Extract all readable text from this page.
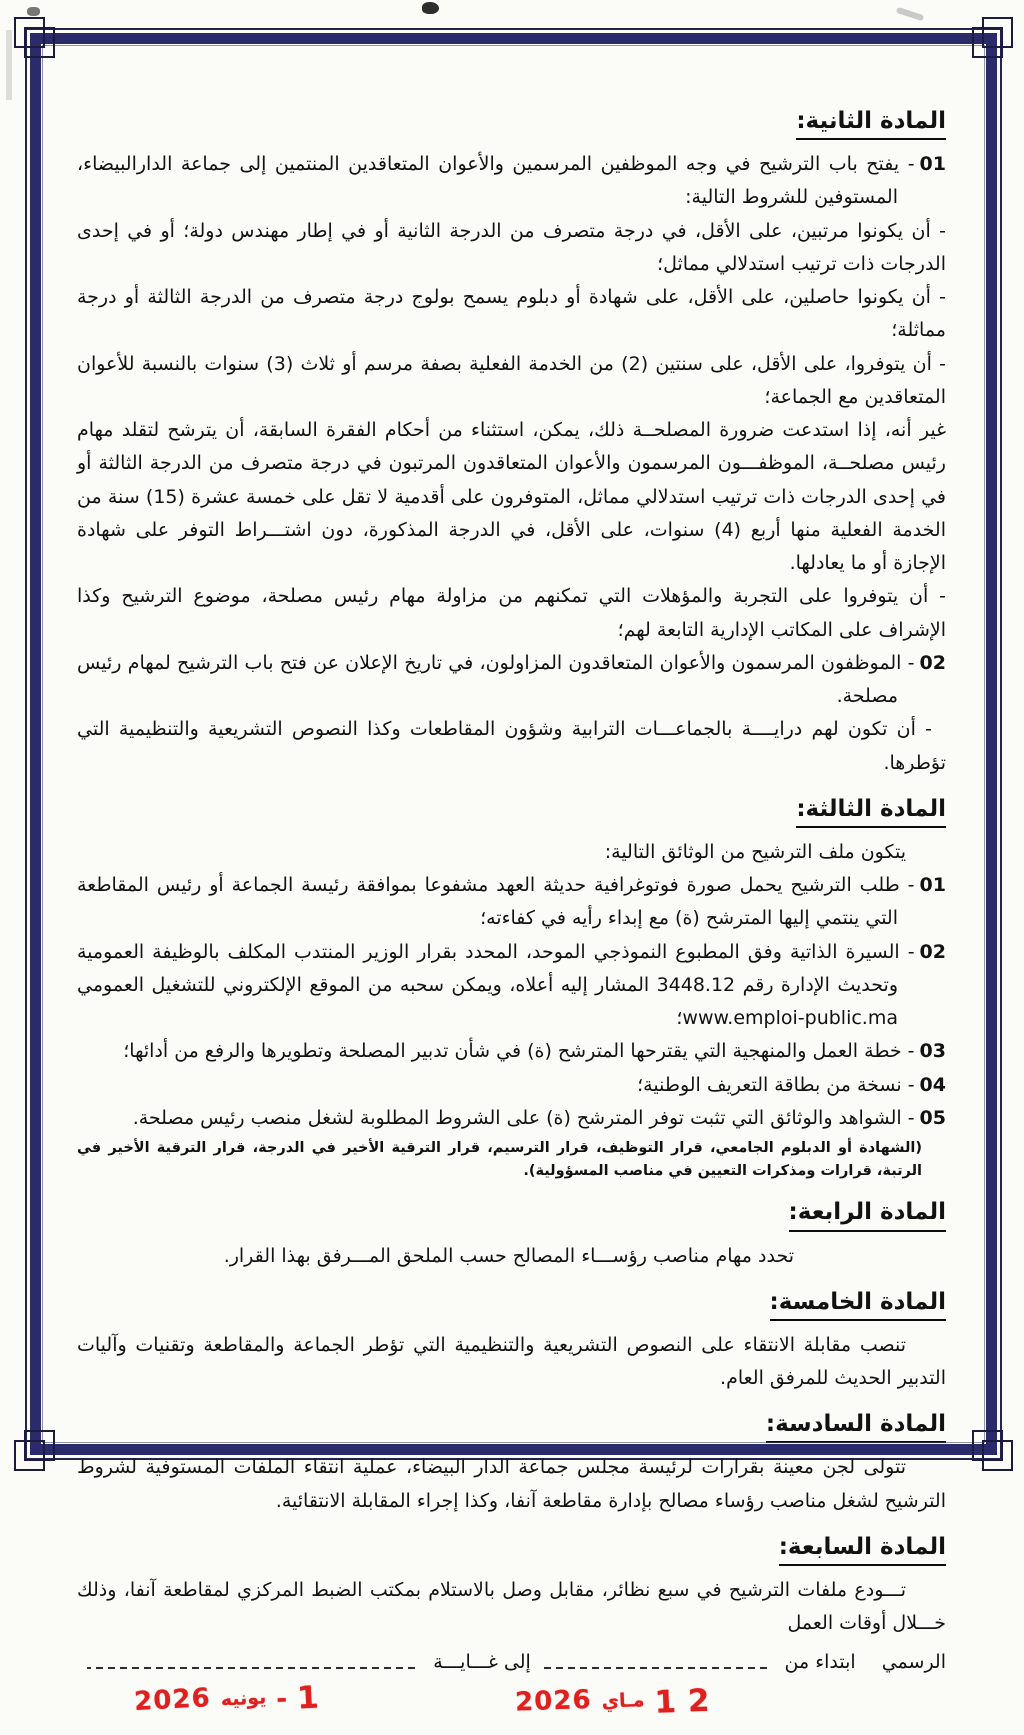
المادة الثانية:

01- يفتح باب الترشيح في وجه الموظفين المرسمين والأعوان المتعاقدين المنتمين إلى جماعة الدارالبيضاء، المستوفين للشروط التالية:

- أن يكونوا مرتبين، على الأقل، في درجة متصرف من الدرجة الثانية أو في إطار مهندس دولة؛ أو في إحدى الدرجات ذات ترتيب استدلالي مماثل؛

- أن يكونوا حاصلين، على الأقل، على شهادة أو دبلوم يسمح بولوج درجة متصرف من الدرجة الثالثة أو درجة مماثلة؛

- أن يتوفروا، على الأقل، على سنتين (2) من الخدمة الفعلية بصفة مرسم أو ثلاث (3) سنوات بالنسبة للأعوان المتعاقدين مع الجماعة؛

غير أنه، إذا استدعت ضرورة المصلحــة ذلك، يمكن، استثناء من أحكام الفقرة السابقة، أن يترشح لتقلد مهام رئيس مصلحــة، الموظفـــون المرسمون والأعوان المتعاقدون المرتبون في درجة متصرف من الدرجة الثالثة أو في إحدى الدرجات ذات ترتيب استدلالي مماثل، المتوفرون على أقدمية لا تقل على خمسة عشرة (15) سنة من الخدمة الفعلية منها أربع (4) سنوات، على الأقل، في الدرجة المذكورة، دون اشتـــراط التوفر على شهادة الإجازة أو ما يعادلها.

- أن يتوفروا على التجربة والمؤهلات التي تمكنهم من مزاولة مهام رئيس مصلحة، موضوع الترشيح وكذا الإشراف على المكاتب الإدارية التابعة لهم؛

02- الموظفون المرسمون والأعوان المتعاقدون المزاولون، في تاريخ الإعلان عن فتح باب الترشيح لمهام رئيس مصلحة.

- أن تكون لهم درايــــة بالجماعـــات الترابية وشؤون المقاطعات وكذا النصوص التشريعية والتنظيمية التي تؤطرها.

المادة الثالثة:

يتكون ملف الترشيح من الوثائق التالية:

01- طلب الترشيح يحمل صورة فوتوغرافية حديثة العهد مشفوعا بموافقة رئيسة الجماعة أو رئيس المقاطعة التي ينتمي إليها المترشح (ة) مع إبداء رأيه في كفاءته؛

02- السيرة الذاتية وفق المطبوع النموذجي الموحد، المحدد بقرار الوزير المنتدب المكلف بالوظيفة العمومية وتحديث الإدارة رقم 3448.12 المشار إليه أعلاه، ويمكن سحبه من الموقع الإلكتروني للتشغيل العمومي www.emploi-public.ma؛

03- خطة العمل والمنهجية التي يقترحها المترشح (ة) في شأن تدبير المصلحة وتطويرها والرفع من أدائها؛

04- نسخة من بطاقة التعريف الوطنية؛

05- الشواهد والوثائق التي تثبت توفر المترشح (ة) على الشروط المطلوبة لشغل منصب رئيس مصلحة.

(الشهادة أو الدبلوم الجامعي، قرار التوظيف، قرار الترسيم، قرار الترقية الأخير في الدرجة، قرار الترقية الأخير في الرتبة، قرارات ومذكرات التعيين في مناصب المسؤولية).

المادة الرابعة:

تحدد مهام مناصب رؤســـاء المصالح حسب الملحق المـــرفق بهذا القرار.

المادة الخامسة:

تنصب مقابلة الانتقاء على النصوص التشريعية والتنظيمية التي تؤطر الجماعة والمقاطعة وتقنيات وآليات التدبير الحديث للمرفق العام.

المادة السادسة:

تتولى لجن معينة بقرارات لرئيسة مجلس جماعة الدار البيضاء، عملية انتقاء الملفات المستوفية لشروط الترشيح لشغل مناصب رؤساء مصالح بإدارة مقاطعة آنفا، وكذا إجراء المقابلة الانتقائية.

المادة السابعة:

تـــودع ملفات الترشيح في سبع نظائر، مقابل وصل بالاستلام بمكتب الضبط المركزي لمقاطعة آنفا، وذلك خـــلال أوقات العمل

الرسمي
ابتداء من
12
مـاي
2026
إلى غـــايـــة
1
-
يونيه
2026
